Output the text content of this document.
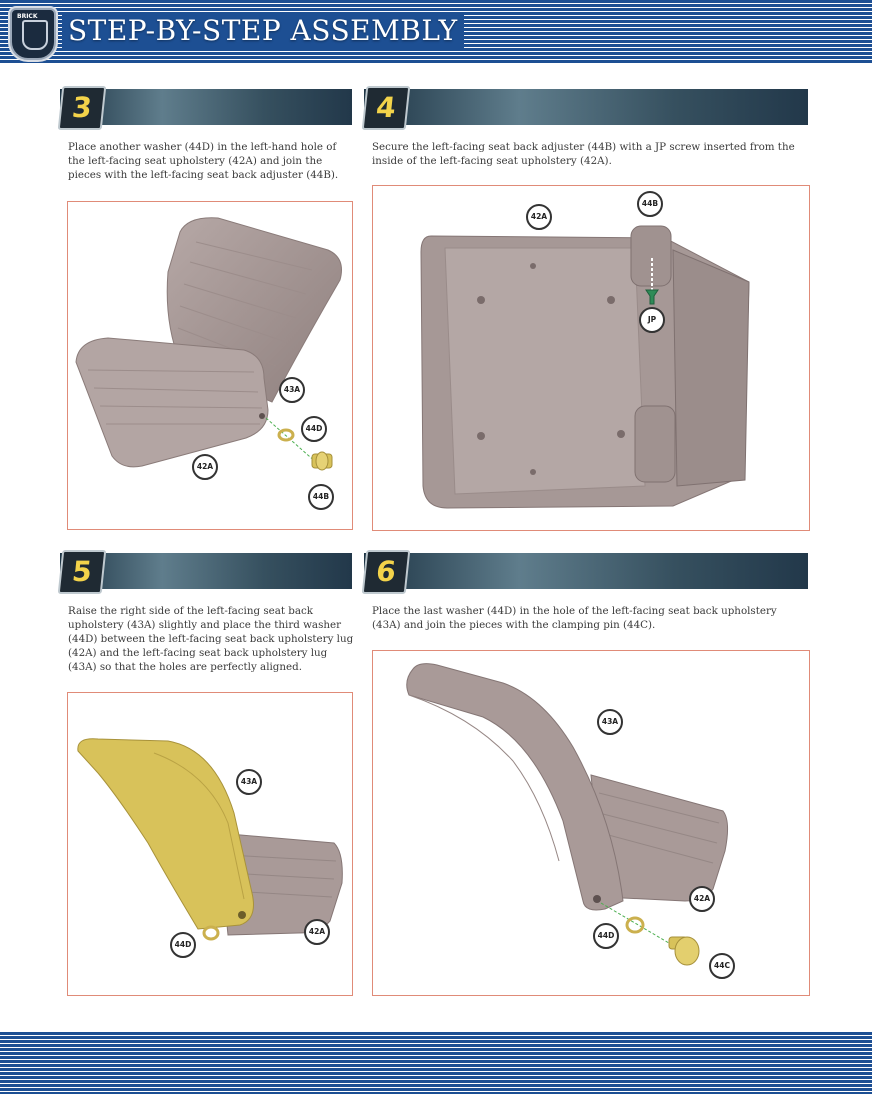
BRICK STEP-BY-STEP ASSEMBLY
3
Place another washer (44D) in the left-hand hole of the left-facing seat upholstery (42A) and join the pieces with the left-facing seat back adjuster (44B).
43A
44D
42A
44B
4
Secure the left-facing seat back adjuster (44B) with a JP screw inserted from the inside of the left-facing seat upholstery (42A).
42A
44B
JP
5
Raise the right side of the left-facing seat back upholstery (43A) slightly and place the third washer (44D) between the left-facing seat back upholstery lug (42A) and the left-facing seat back upholstery lug (43A) so that the holes are perfectly aligned.
43A
44D
42A
6
Place the last washer (44D) in the hole of the left-facing seat back upholstery (43A) and join the pieces with the clamping pin (44C).
43A
42A
44D
44C
